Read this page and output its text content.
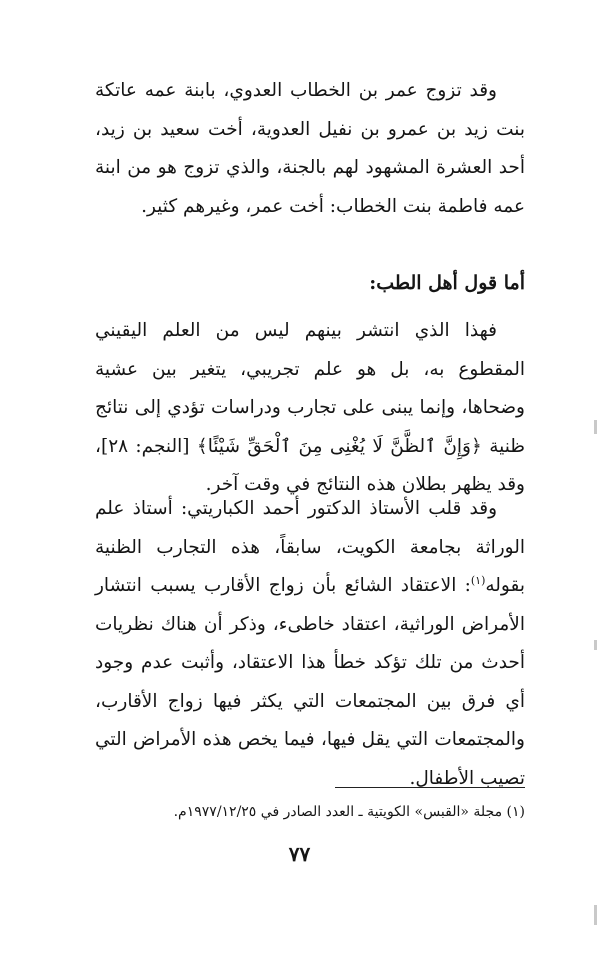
وقد تزوج عمر بن الخطاب العدوي، بابنة عمه عاتكة بنت زيد بن عمرو بن نفيل العدوية، أخت سعيد بن زيد، أحد العشرة المشهود لهم بالجنة، والذي تزوج هو من ابنة عمه فاطمة بنت الخطاب: أخت عمر، وغيرهم كثير.

أما قول أهل الطب:

فهذا الذي انتشر بينهم ليس من العلم اليقيني المقطوع به، بل هو علم تجريبي، يتغير بين عشية وضحاها، وإنما يبنى على تجارب ودراسات تؤدي إلى نتائج ظنية ﴿وَإِنَّ ٱلظَّنَّ لَا يُغْنِى مِنَ ٱلْحَقِّ شَيْئًا﴾ [النجم: ٢٨]، وقد يظهر بطلان هذه النتائج في وقت آخر.

وقد قلب الأستاذ الدكتور أحمد الكباريتي: أستاذ علم الوراثة بجامعة الكويت، سابقاً، هذه التجارب الظنية بقوله$^{(١)}$: الاعتقاد الشائع بأن زواج الأقارب يسبب انتشار الأمراض الوراثية، اعتقاد خاطىء، وذكر أن هناك نظريات أحدث من تلك تؤكد خطأ هذا الاعتقاد، وأثبت عدم وجود أي فرق بين المجتمعات التي يكثر فيها زواج الأقارب، والمجتمعات التي يقل فيها، فيما يخص هذه الأمراض التي تصيب الأطفال.

(١) مجلة «القبس» الكويتية ـ العدد الصادر في ١٩٧٧/١٢/٢٥م.

٧٧
